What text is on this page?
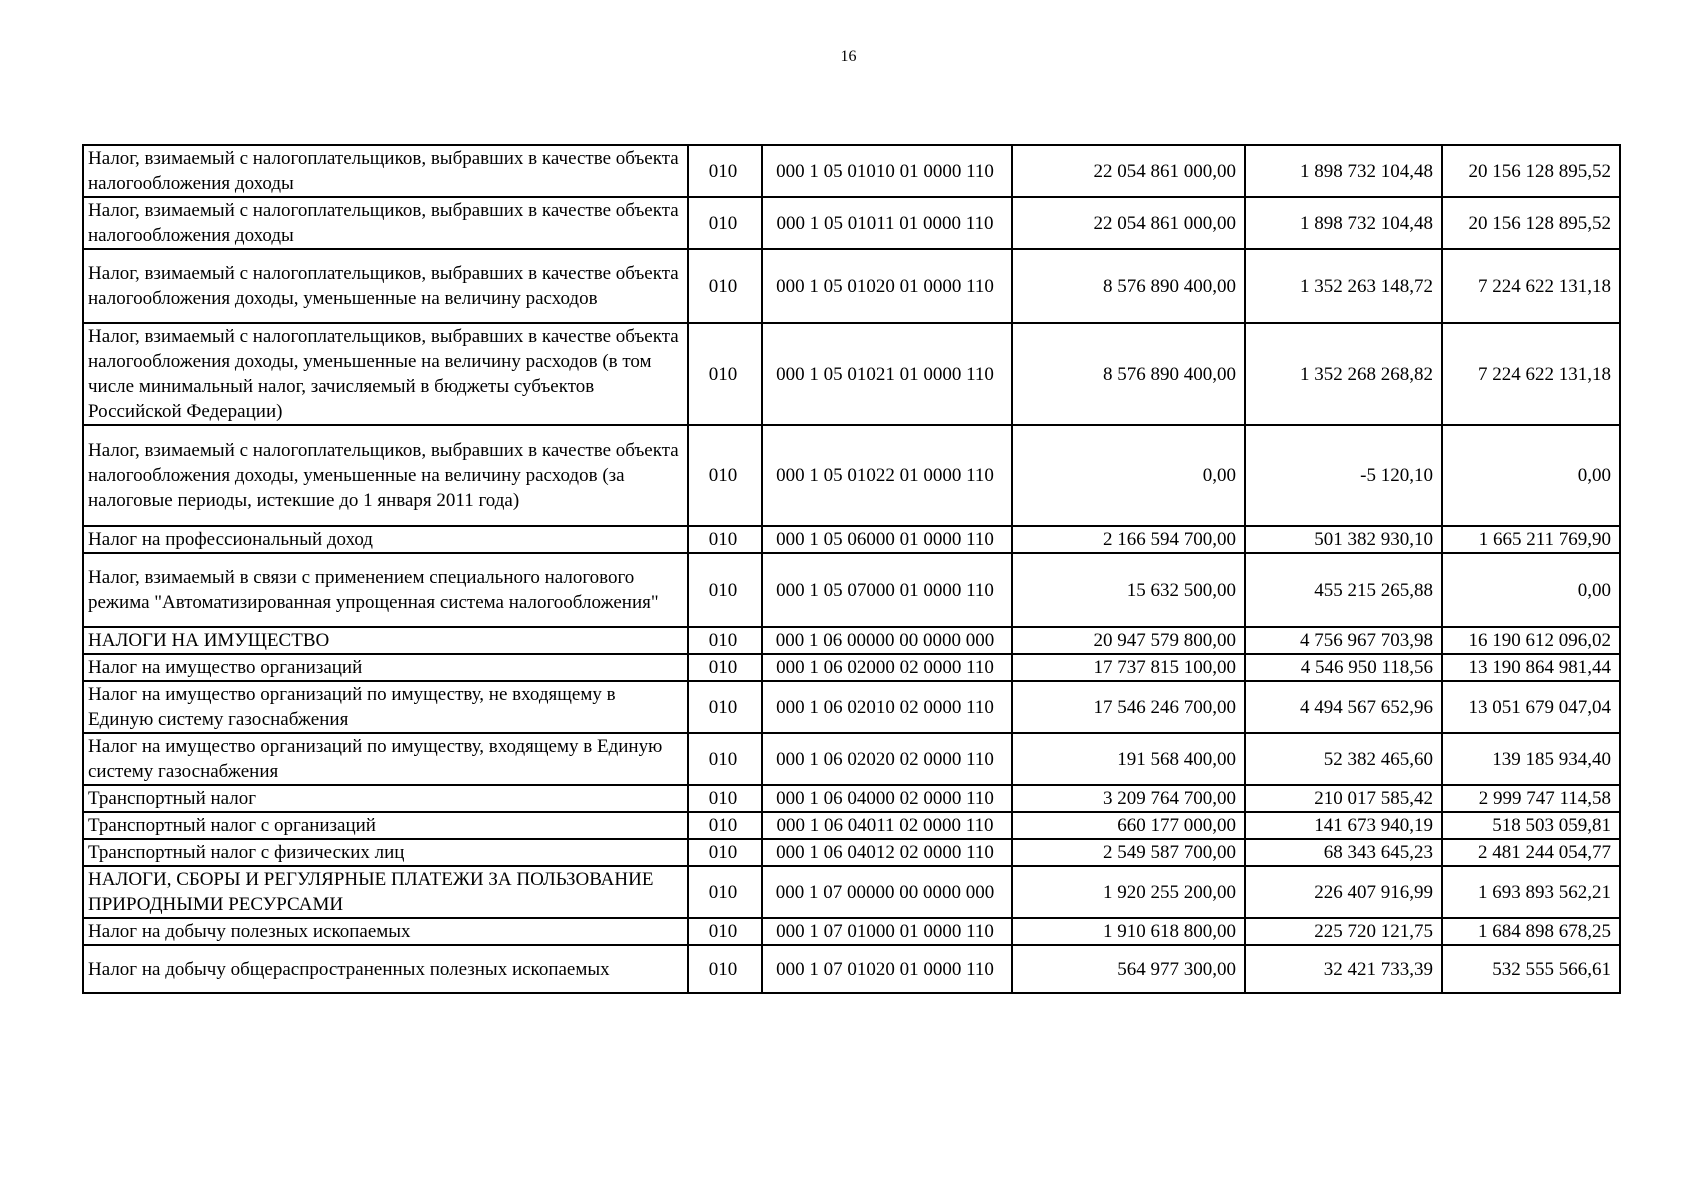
16
Налог, взимаемый с налогоплательщиков, выбравших в качестве объекта налогообложения доходы	010	000 1 05 01010 01 0000 110	22 054 861 000,00	1 898 732 104,48	20 156 128 895,52
Налог, взимаемый с налогоплательщиков, выбравших в качестве объекта налогообложения доходы	010	000 1 05 01011 01 0000 110	22 054 861 000,00	1 898 732 104,48	20 156 128 895,52
Налог, взимаемый с налогоплательщиков, выбравших в качестве объекта налогообложения доходы, уменьшенные на величину расходов	010	000 1 05 01020 01 0000 110	8 576 890 400,00	1 352 263 148,72	7 224 622 131,18
Налог, взимаемый с налогоплательщиков, выбравших в качестве объекта налогообложения доходы, уменьшенные на величину расходов (в том числе минимальный налог, зачисляемый в бюджеты субъектов Российской Федерации)	010	000 1 05 01021 01 0000 110	8 576 890 400,00	1 352 268 268,82	7 224 622 131,18
Налог, взимаемый с налогоплательщиков, выбравших в качестве объекта налогообложения доходы, уменьшенные на величину расходов (за налоговые периоды, истекшие до 1 января 2011 года)	010	000 1 05 01022 01 0000 110	0,00	-5 120,10	0,00
Налог на профессиональный доход	010	000 1 05 06000 01 0000 110	2 166 594 700,00	501 382 930,10	1 665 211 769,90
Налог, взимаемый в связи с применением специального налогового режима "Автоматизированная упрощенная система налогообложения"	010	000 1 05 07000 01 0000 110	15 632 500,00	455 215 265,88	0,00
НАЛОГИ НА ИМУЩЕСТВО	010	000 1 06 00000 00 0000 000	20 947 579 800,00	4 756 967 703,98	16 190 612 096,02
Налог на имущество организаций	010	000 1 06 02000 02 0000 110	17 737 815 100,00	4 546 950 118,56	13 190 864 981,44
Налог на имущество организаций по имуществу, не входящему в Единую систему газоснабжения	010	000 1 06 02010 02 0000 110	17 546 246 700,00	4 494 567 652,96	13 051 679 047,04
Налог на имущество организаций по имуществу, входящему в Единую систему газоснабжения	010	000 1 06 02020 02 0000 110	191 568 400,00	52 382 465,60	139 185 934,40
Транспортный налог	010	000 1 06 04000 02 0000 110	3 209 764 700,00	210 017 585,42	2 999 747 114,58
Транспортный налог с организаций	010	000 1 06 04011 02 0000 110	660 177 000,00	141 673 940,19	518 503 059,81
Транспортный налог с физических лиц	010	000 1 06 04012 02 0000 110	2 549 587 700,00	68 343 645,23	2 481 244 054,77
НАЛОГИ, СБОРЫ И РЕГУЛЯРНЫЕ ПЛАТЕЖИ ЗА ПОЛЬЗОВАНИЕ ПРИРОДНЫМИ РЕСУРСАМИ	010	000 1 07 00000 00 0000 000	1 920 255 200,00	226 407 916,99	1 693 893 562,21
Налог на добычу полезных ископаемых	010	000 1 07 01000 01 0000 110	1 910 618 800,00	225 720 121,75	1 684 898 678,25
Налог на добычу общераспространенных полезных ископаемых	010	000 1 07 01020 01 0000 110	564 977 300,00	32 421 733,39	532 555 566,61
